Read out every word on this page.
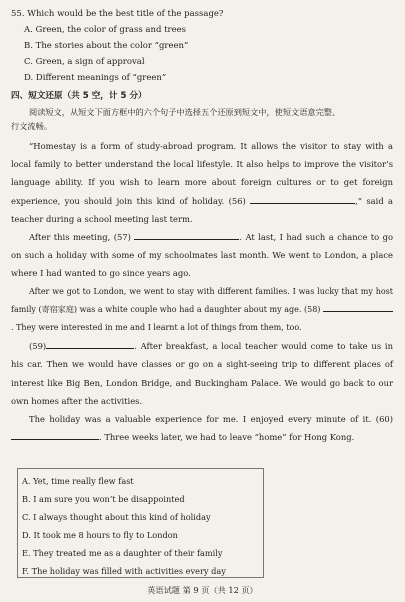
55. Which would be the best title of the passage?

A. Green, the color of grass and trees

B. The stories about the color “green”

C. Green, a sign of approval

D. Different meanings of “green”

四、短文还原（共 5 空，计 5 分）

阅读短文，从短文下面方框中的六个句子中选择五个还原到短文中，使短文语意完整、

行文流畅。

“Homestay is a form of study-abroad program. It allows the visitor to stay with a local family to better understand the local lifestyle. It also helps to improve the visitor’s language ability. If you wish to learn more about foreign cultures or to get foreign experience, you should join this kind of holiday. (56)	,” said a teacher during a school meeting last term.

After this meeting, (57)	. At last, I had such a chance to go on such a holiday with some of my schoolmates last month. We went to London, a place where I had wanted to go since years ago.

After we got to London, we went to stay with different families. I was lucky that my host family (寄宿家庭) was a white couple who had a daughter about my age. (58) . They were interested in me and I learnt a lot of things from them, too.

(59)	. After breakfast, a local teacher would come to take us in his car. Then we would have classes or go on a sight-seeing trip to different places of interest like Big Ben, London Bridge, and Buckingham Palace. We would go back to our own homes after the activities.

The holiday was a valuable experience for me. I enjoyed every minute of it. (60). Three weeks later, we had to leave “home” for Hong Kong.

A. Yet, time really flew fast

B. I am sure you won’t be disappointed

C. I always thought about this kind of holiday

D. It took me 8 hours to fly to London

E. They treated me as a daughter of their family

F. The holiday was filled with activities every day

英语试题 第 9 页（共 12 页）
